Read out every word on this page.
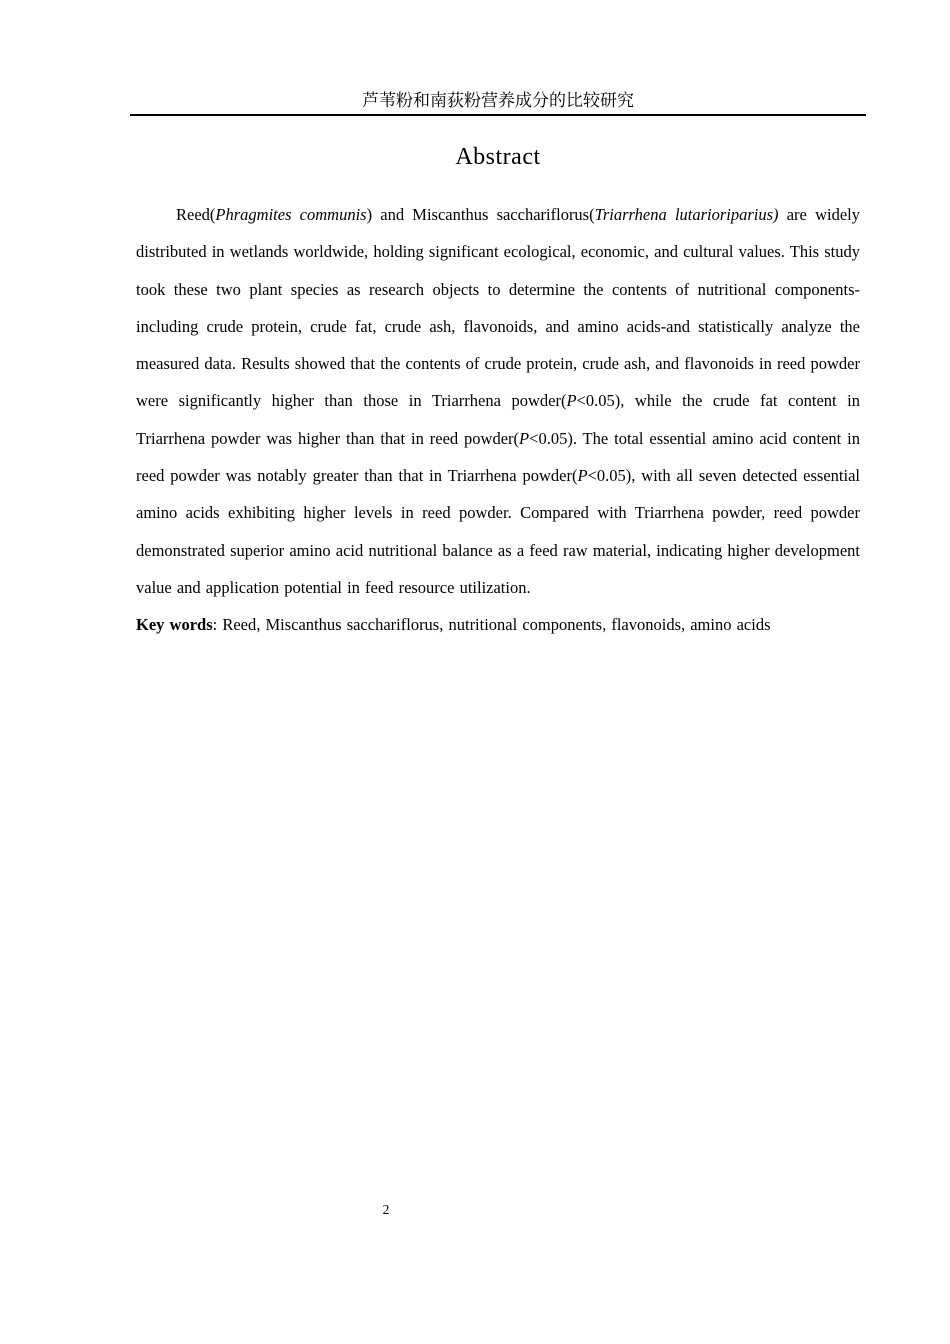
芦苇粉和南荻粉营养成分的比较研究
Abstract

Reed(Phragmites communis) and Miscanthus sacchariflorus(Triarrhena lutarioriparius) are widely distributed in wetlands worldwide, holding significant ecological, economic, and cultural values. This study took these two plant species as research objects to determine the contents of nutritional components-including crude protein, crude fat, crude ash, flavonoids, and amino acids-and statistically analyze the measured data. Results showed that the contents of crude protein, crude ash, and flavonoids in reed powder were significantly higher than those in Triarrhena powder(P<0.05), while the crude fat content in Triarrhena powder was higher than that in reed powder(P<0.05). The total essential amino acid content in reed powder was notably greater than that in Triarrhena powder(P<0.05), with all seven detected essential amino acids exhibiting higher levels in reed powder. Compared with Triarrhena powder, reed powder demonstrated superior amino acid nutritional balance as a feed raw material, indicating higher development value and application potential in feed resource utilization.

Key words: Reed, Miscanthus sacchariflorus, nutritional components, flavonoids, amino acids

2
